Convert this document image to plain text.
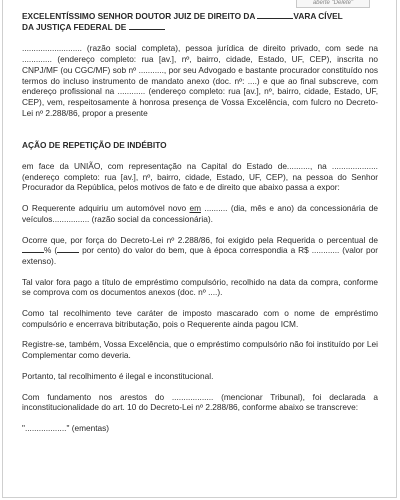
aberte "Delete"

EXCELENTÍSSIMO SENHOR DOUTOR JUIZ DE DIREITO DA	VARA CÍVEL

DA JUSTIÇA FEDERAL DE

.......................... (razão social completa), pessoa jurídica de direito privado, com sede na ............. (endereço completo: rua [av.], nº, bairro, cidade, Estado, UF, CEP), inscrita no CNPJ/MF (ou CGC/MF) sob nº ..........., por seu Advogado e bastante procurador constituído nos termos do incluso instrumento de mandato anexo (doc. nº: ....) e que ao final subscreve, com endereço profissional na ............ (endereço completo: rua [av.], nº, bairro, cidade, Estado, UF, CEP), vem, respeitosamente à honrosa presença de Vossa Excelência, com fulcro no Decreto-Lei nº 2.288/86, propor a presente

AÇÃO DE REPETIÇÃO DE INDÉBITO

em face da UNIÃO, com representação na Capital do Estado de.........., na ....................(endereço completo: rua [av.], nº, bairro, cidade, Estado, UF, CEP), na pessoa do Senhor Procurador da República, pelos motivos de fato e de direito que abaixo passa a expor:

O Requerente adquiriu um automóvel novo em .......... (dia, mês e ano) da concessionária de veículos................ (razão social da concessionária).

Ocorre que, por força do Decreto-Lei nº 2.288/86, foi exigido pela Requerida o percentual de % (	por cento) do valor do bem, que à época correspondia a R$ ............ (valor por extenso).

Tal valor fora pago a título de empréstimo compulsório, recolhido na data da compra, conforme se comprova com os documentos anexos (doc. nº ....).

Como tal recolhimento teve caráter de imposto mascarado com o nome de empréstimo compulsório e encerrava bitributação, pois o Requerente ainda pagou ICM.

Registre-se, também, Vossa Excelência, que o empréstimo compulsório não foi instituído por Lei Complementar como deveria.

Portanto, tal recolhimento é ilegal e inconstitucional.

Com fundamento nos arestos do .................. (mencionar Tribunal), foi declarada a inconstitucionalidade do art. 10 do Decreto-Lei nº 2.288/86, conforme abaixo se transcreve:

".................." (ementas)
